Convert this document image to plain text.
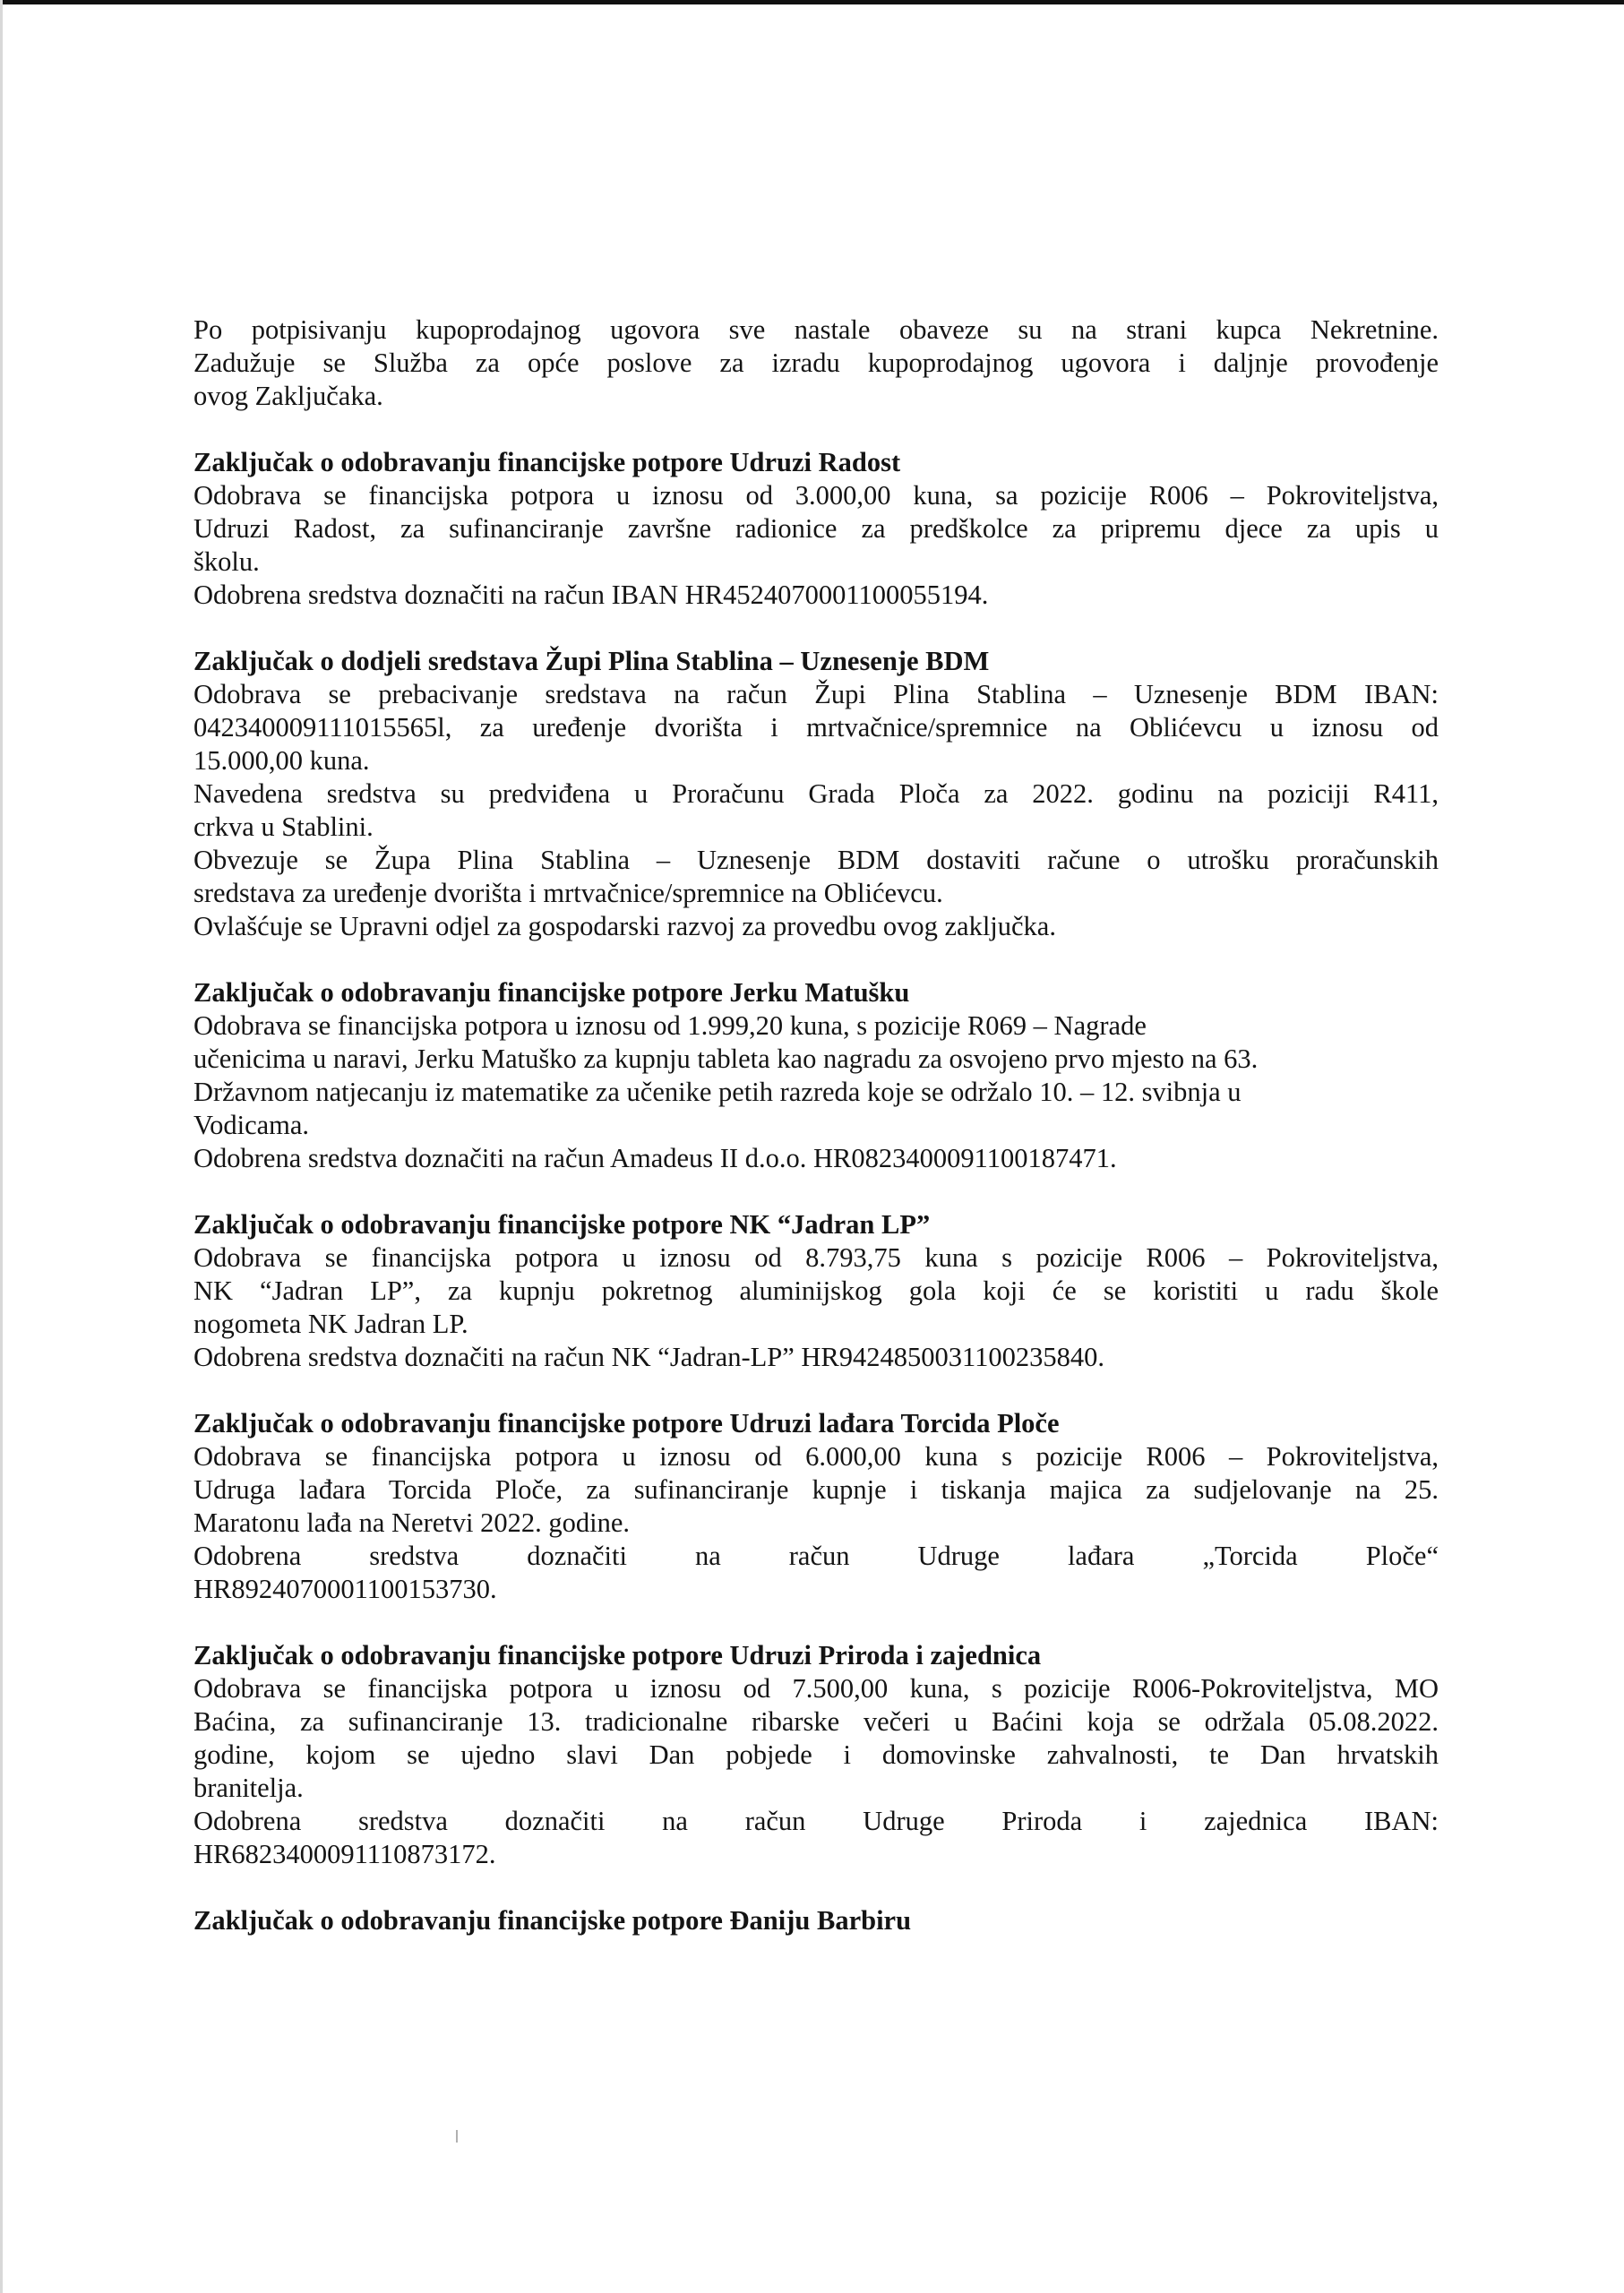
Po potpisivanju kupoprodajnog ugovora sve nastale obaveze su na strani kupca Nekretnine.
Zadužuje se Služba za opće poslove za izradu kupoprodajnog ugovora i daljnje provođenje
ovog Zaključaka.
Zaključak o odobravanju financijske potpore Udruzi Radost
Odobrava se financijska potpora u iznosu od 3.000,00 kuna, sa pozicije R006 – Pokroviteljstva,
Udruzi Radost, za sufinanciranje završne radionice za predškolce za pripremu djece za upis u
školu.
Odobrena sredstva doznačiti na račun IBAN HR4524070001100055194.
Zaključak o dodjeli sredstava Župi Plina Stablina – Uznesenje BDM
Odobrava se prebacivanje sredstava na račun Župi Plina Stablina – Uznesenje BDM IBAN:
042340009111015565l, za uređenje dvorišta i mrtvačnice/spremnice na Oblićevcu u iznosu od
15.000,00 kuna.
Navedena sredstva su predviđena u Proračunu Grada Ploča za 2022. godinu na poziciji R411,
crkva u Stablini.
Obvezuje se Župa Plina Stablina – Uznesenje BDM dostaviti račune o utrošku proračunskih
sredstava za uređenje dvorišta i mrtvačnice/spremnice na Oblićevcu.
Ovlašćuje se Upravni odjel za gospodarski razvoj za provedbu ovog zaključka.
Zaključak o odobravanju financijske potpore Jerku Matušku
Odobrava se financijska potpora u iznosu od 1.999,20 kuna, s pozicije R069 – Nagrade
učenicima u naravi, Jerku Matuško za kupnju tableta kao nagradu za osvojeno prvo mjesto na 63.
Državnom natjecanju iz matematike za učenike petih razreda koje se održalo 10. – 12. svibnja u
Vodicama.
Odobrena sredstva doznačiti na račun Amadeus II d.o.o. HR0823400091100187471.
Zaključak o odobravanju financijske potpore NK “Jadran LP”
Odobrava se financijska potpora u iznosu od 8.793,75 kuna s pozicije R006 – Pokroviteljstva,
NK “Jadran LP”, za kupnju pokretnog aluminijskog gola koji će se koristiti u radu škole
nogometa NK Jadran LP.
Odobrena sredstva doznačiti na račun NK “Jadran-LP” HR9424850031100235840.
Zaključak o odobravanju financijske potpore Udruzi lađara Torcida Ploče
Odobrava se financijska potpora u iznosu od 6.000,00 kuna s pozicije R006 – Pokroviteljstva,
Udruga lađara Torcida Ploče, za sufinanciranje kupnje i tiskanja majica za sudjelovanje na 25.
Maratonu lađa na Neretvi 2022. godine.
Odobrena sredstva doznačiti na račun Udruge lađara „Torcida Ploče“
HR8924070001100153730.
Zaključak o odobravanju financijske potpore Udruzi Priroda i zajednica
Odobrava se financijska potpora u iznosu od 7.500,00 kuna, s pozicije R006-Pokroviteljstva, MO
Baćina, za sufinanciranje 13. tradicionalne ribarske večeri u Baćini koja se održala 05.08.2022.
godine, kojom se ujedno slavi Dan pobjede i domovinske zahvalnosti, te Dan hrvatskih
branitelja.
Odobrena sredstva doznačiti na račun Udruge Priroda i zajednica IBAN:
HR6823400091110873172.
Zaključak o odobravanju financijske potpore Đaniju Barbiru
